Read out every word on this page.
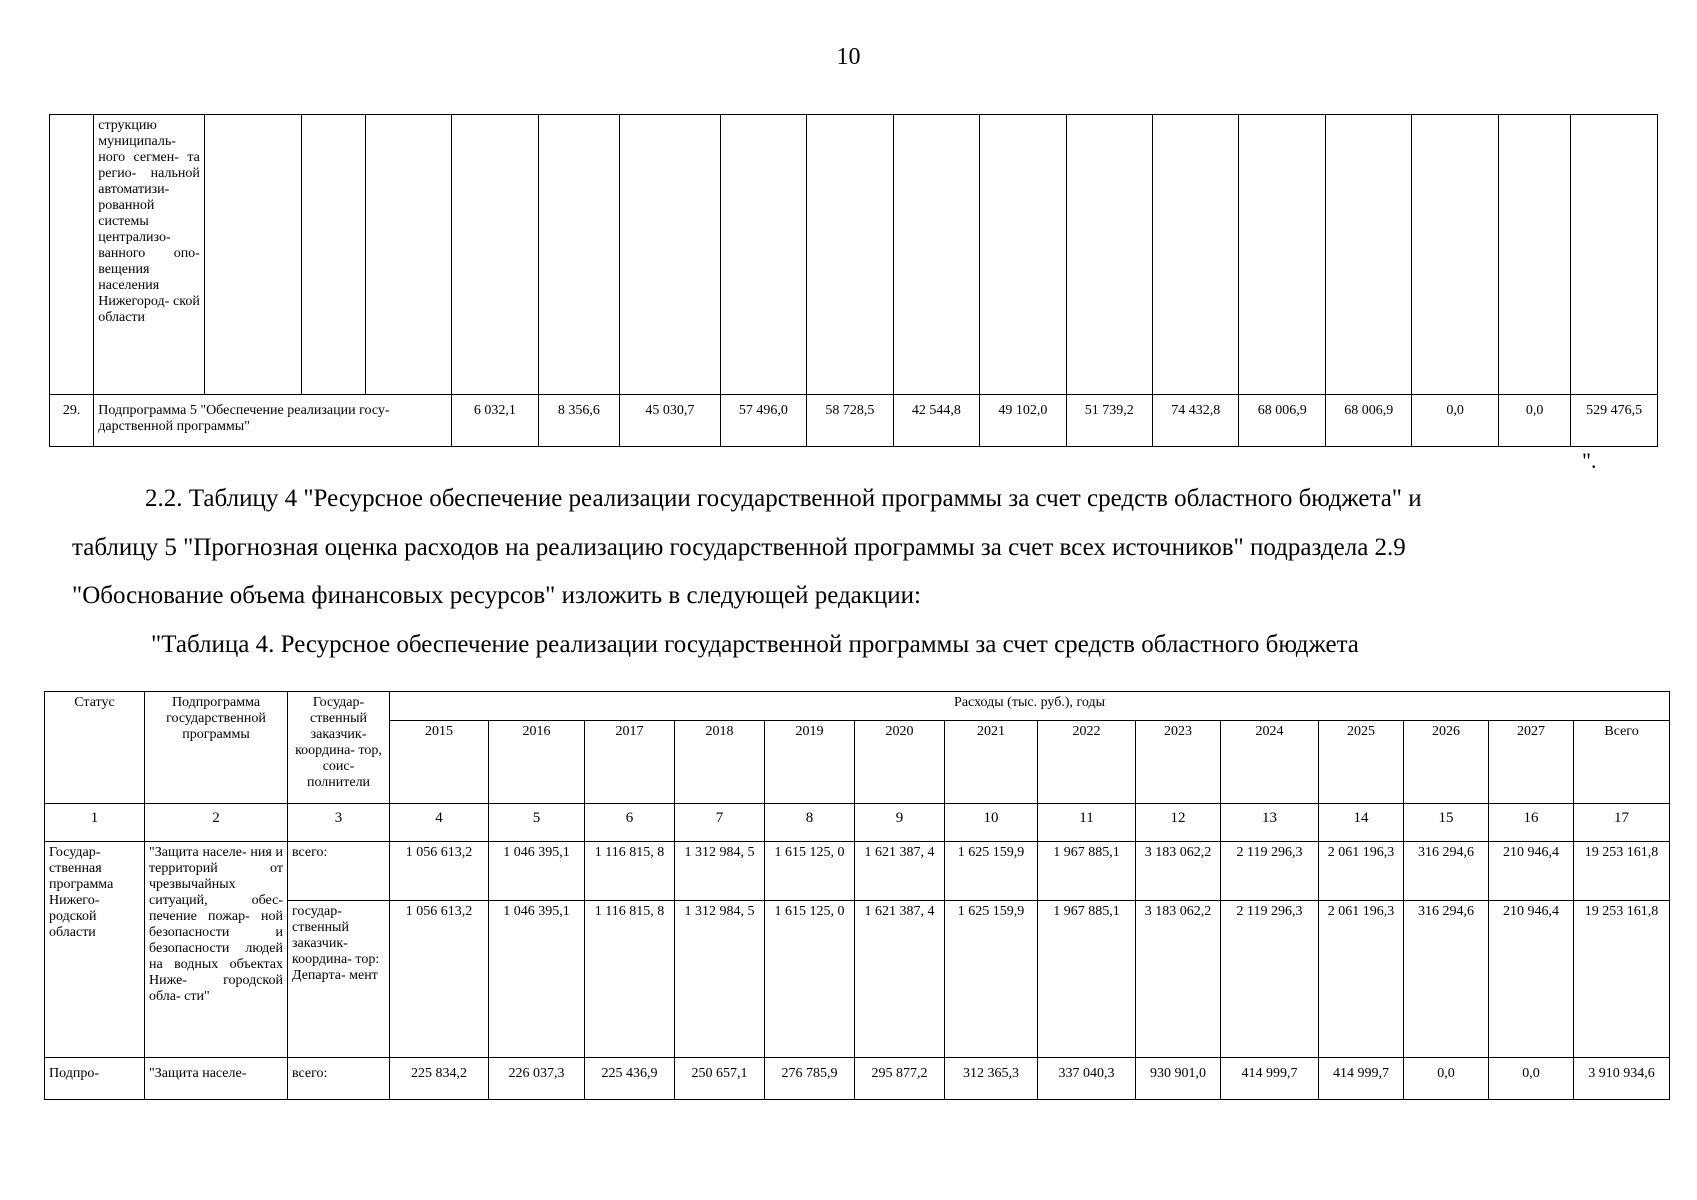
10
	струкцию муниципаль- ного сегмен- та регио- нальной автоматизи- рованной системы централизо- ванного опо- вещения населения Нижегород- ской области																	
29.	Подпрограмма 5 "Обеспечение реализации госу- дарственной программы"				6 032,1	8 356,6	45 030,7	57 496,0	58 728,5	42 544,8	49 102,0	51 739,2	74 432,8	68 006,9	68 006,9	0,0	0,0	529 476,5
".
2.2. Таблицу 4 "Ресурсное обеспечение реализации государственной программы за счет средств областного бюджета" и
таблицу 5 "Прогнозная оценка расходов на реализацию государственной программы за счет всех источников" подраздела 2.9
"Обоснование объема финансовых ресурсов" изложить в следующей редакции:
"Таблица 4. Ресурсное обеспечение реализации государственной программы за счет средств областного бюджета
Статус	Подпрограмма государственной программы	Государ- ственный заказчик- координа- тор, соис- полнители	Расходы (тыс. руб.), годы													
			2015	2016	2017	2018	2019	2020	2021	2022	2023	2024	2025	2026	2027	Всего
1	2	3	4	5	6	7	8	9	10	11	12	13	14	15	16	17
Государ- ственная программа Нижего- родской области	"Защита населе- ния и территорий от чрезвычайных ситуаций, обес- печение пожар- ной безопасности и безопасности людей на водных объектах Ниже- городской обла- сти"	всего:	1 056 613,2	1 046 395,1	1 116 815, 8	1 312 984, 5	1 615 125, 0	1 621 387, 4	1 625 159,9	1 967 885,1	3 183 062,2	2 119 296,3	2 061 196,3	316 294,6	210 946,4	19 253 161,8
		государ- ственный заказчик- координа- тор: Департа- мент	1 056 613,2	1 046 395,1	1 116 815, 8	1 312 984, 5	1 615 125, 0	1 621 387, 4	1 625 159,9	1 967 885,1	3 183 062,2	2 119 296,3	2 061 196,3	316 294,6	210 946,4	19 253 161,8
Подпро-	"Защита населе-	всего:	225 834,2	226 037,3	225 436,9	250 657,1	276 785,9	295 877,2	312 365,3	337 040,3	930 901,0	414 999,7	414 999,7	0,0	0,0	3 910 934,6
